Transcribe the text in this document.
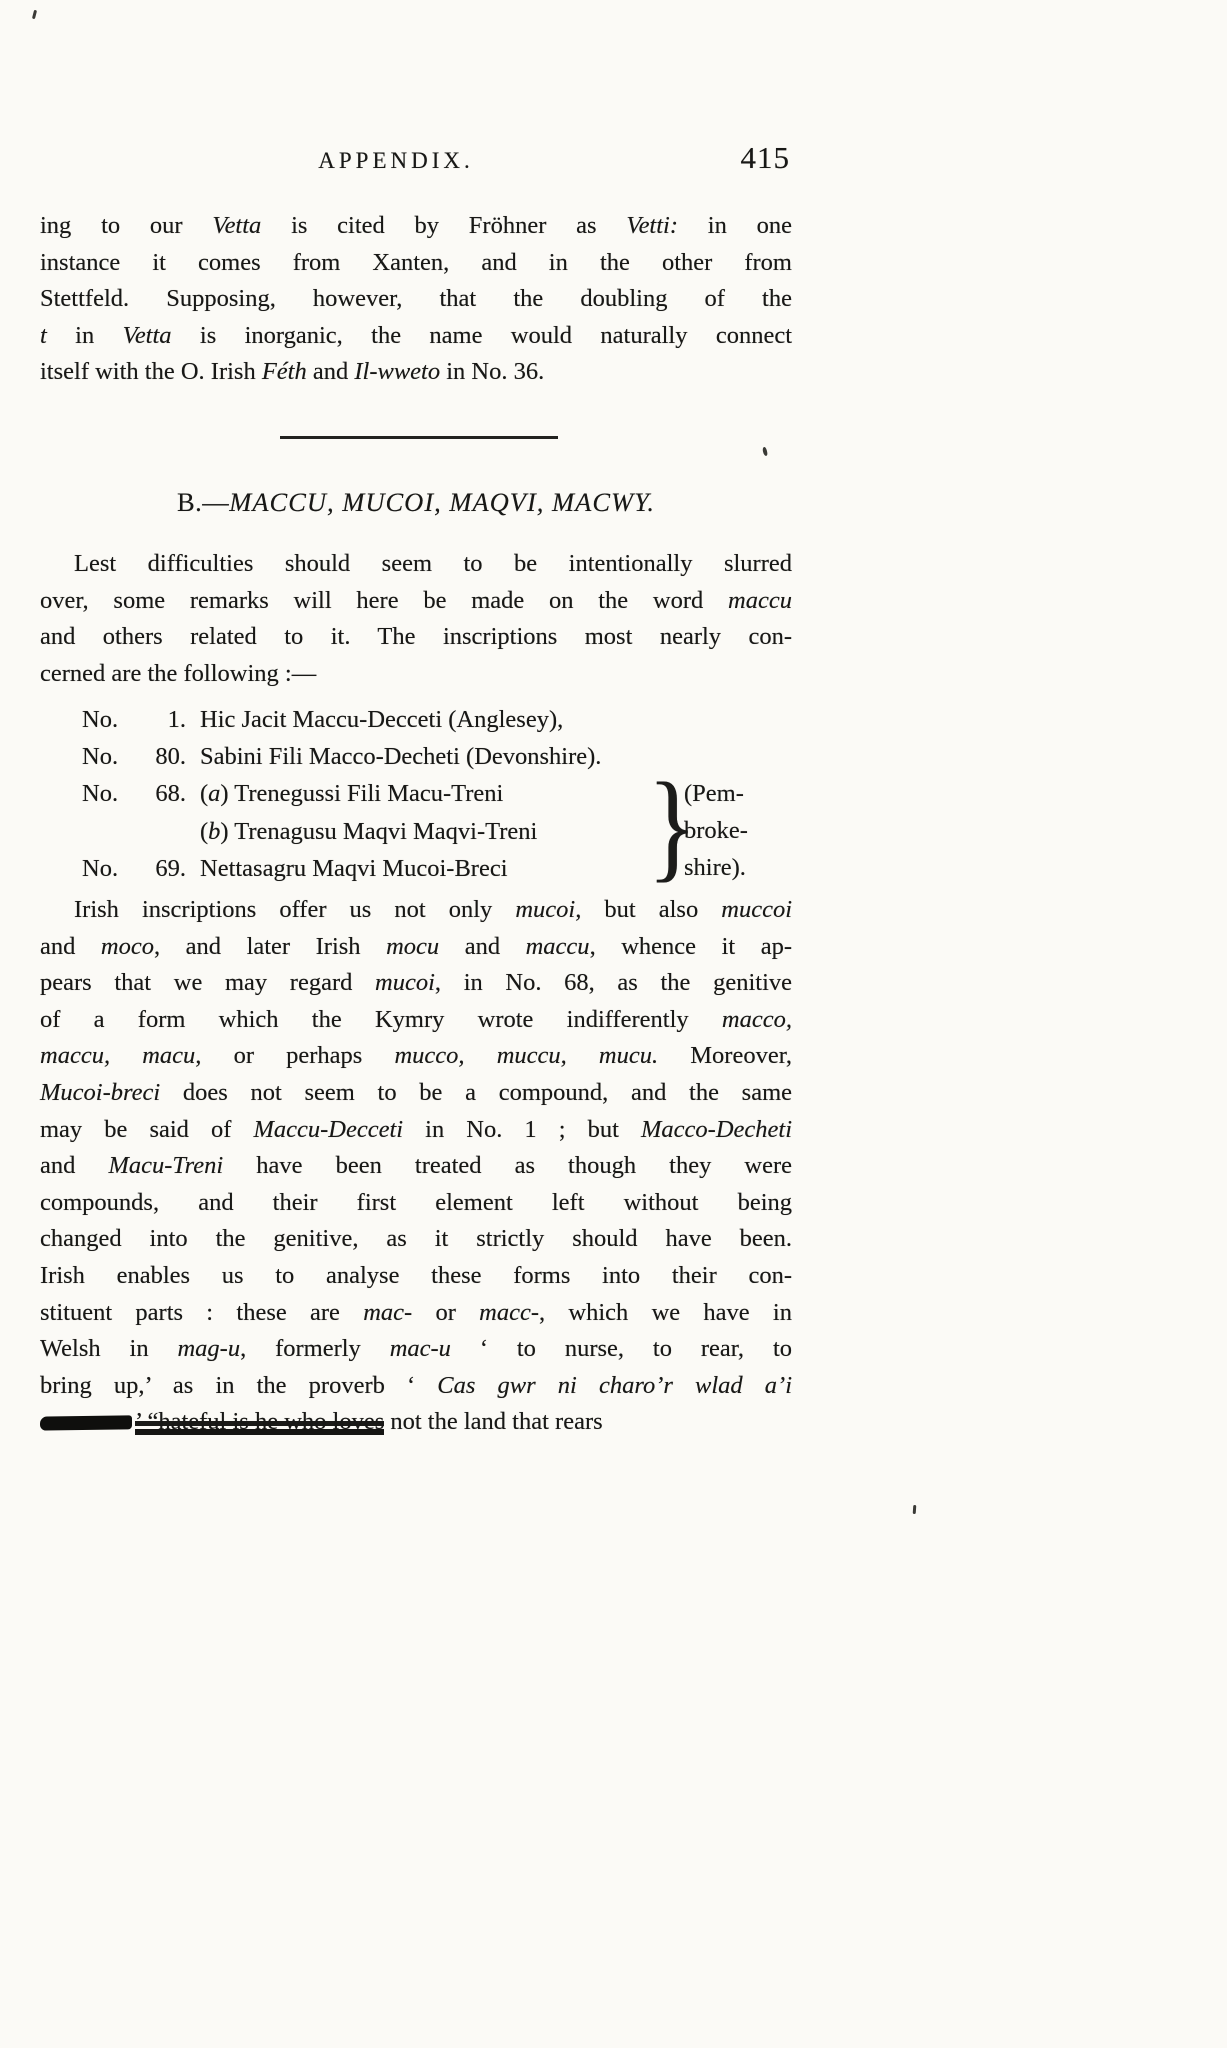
APPENDIX.	415
ing to our Vetta is cited by Fröhner as Vetti: in one
instance it comes from Xanten, and in the other from
Stettfeld. Supposing, however, that the doubling of the
t in Vetta is inorganic, the name would naturally connect
itself with the O. Irish Féth and Il-wweto in No. 36.
B.—MACCU, MUCOI, MAQVI, MACWY.
Lest difficulties should seem to be intentionally slurred
over, some remarks will here be made on the word maccu
and others related to it. The inscriptions most nearly con-
cerned are the following :—
No.	1. Hic Jacit Maccu-Decceti (Anglesey),
No.	80. Sabini Fili Macco-Decheti (Devonshire).
No.	68. (a) Trenegussi Fili Macu-Treni
(b) Trenagusu Maqvi Maqvi-Treni
No.	69. Nettasagru Maqvi Mucoi-Breci	}
(Pem-
broke-
shire).
Irish inscriptions offer us not only mucoi, but also muccoi
and moco, and later Irish mocu and maccu, whence it ap-
pears that we may regard mucoi, in No. 68, as the genitive
of a form which the Kymry wrote indifferently macco,
maccu, macu, or perhaps mucco, muccu, mucu. Moreover,
Mucoi-breci does not seem to be a compound, and the same
may be said of Maccu-Decceti in No. 1 ; but Macco-Decheti
and Macu-Treni have been treated as though they were
compounds, and their first element left without being
changed into the genitive, as it strictly should have been.
Irish enables us to analyse these forms into their con-
stituent parts : these are mac- or macc-, which we have in
Welsh in mag-u, formerly mac-u ‘ to nurse, to rear, to
bring up,’ as in the proverb ‘ Cas gwr ni charo’r wlad a’i
’ “hateful is he who loves not the land that rears
